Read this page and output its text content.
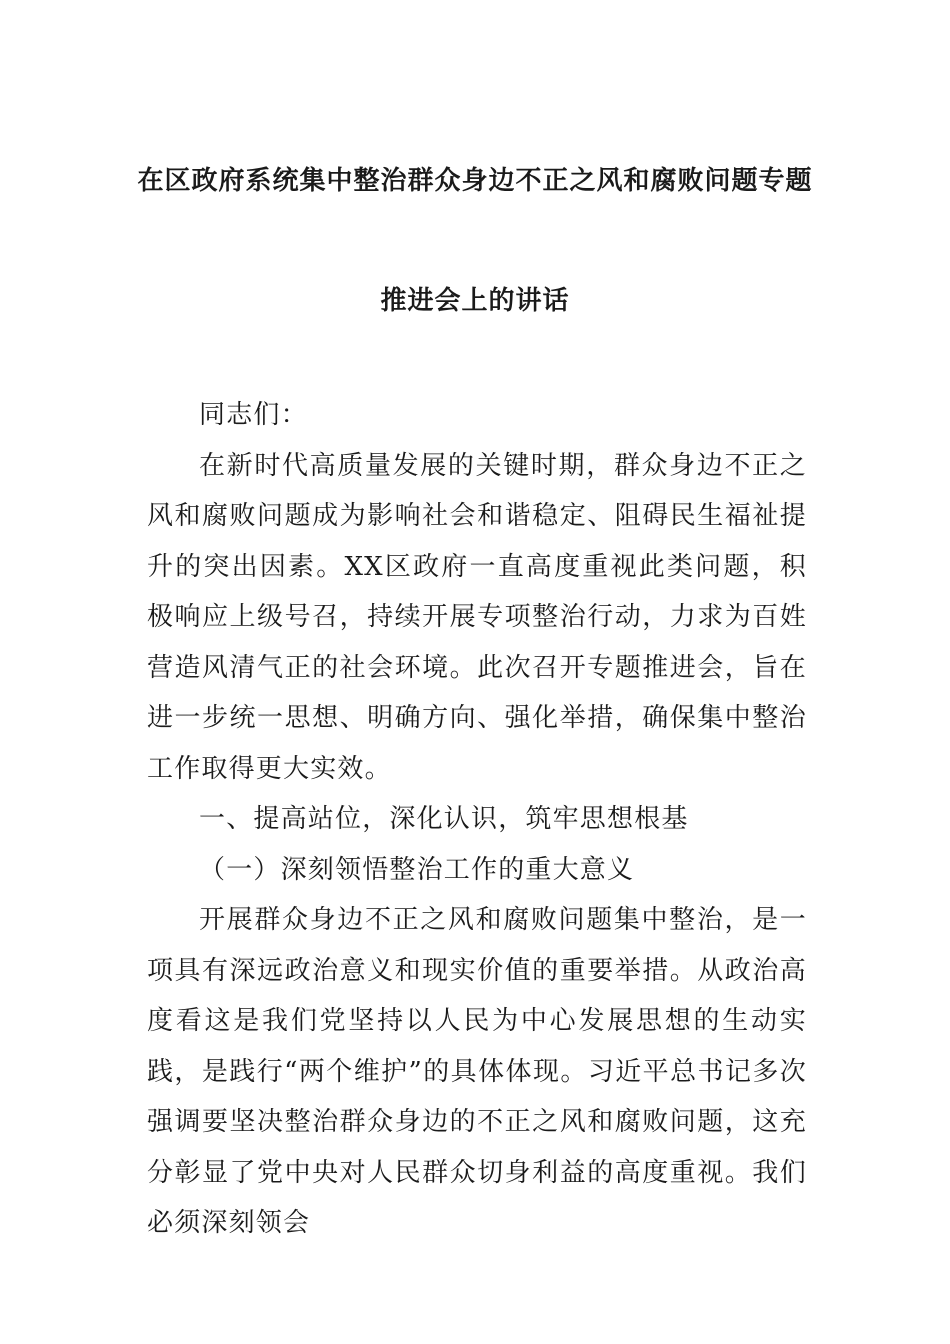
在区政府系统集中整治群众身边不正之风和腐败问题专题
推进会上的讲话

同志们：

在新时代高质量发展的关键时期，群众身边不正之风和腐败问题成为影响社会和谐稳定、阻碍民生福祉提升的突出因素。XX区政府一直高度重视此类问题，积极响应上级号召，持续开展专项整治行动，力求为百姓营造风清气正的社会环境。此次召开专题推进会，旨在进一步统一思想、明确方向、强化举措，确保集中整治工作取得更大实效。

一、提高站位，深化认识，筑牢思想根基

（一）深刻领悟整治工作的重大意义

开展群众身边不正之风和腐败问题集中整治，是一项具有深远政治意义和现实价值的重要举措。从政治高度看这是我们党坚持以人民为中心发展思想的生动实践，是践行“两个维护”的具体体现。习近平总书记多次强调要坚决整治群众身边的不正之风和腐败问题，这充分彰显了党中央对人民群众切身利益的高度重视。我们必须深刻领会
